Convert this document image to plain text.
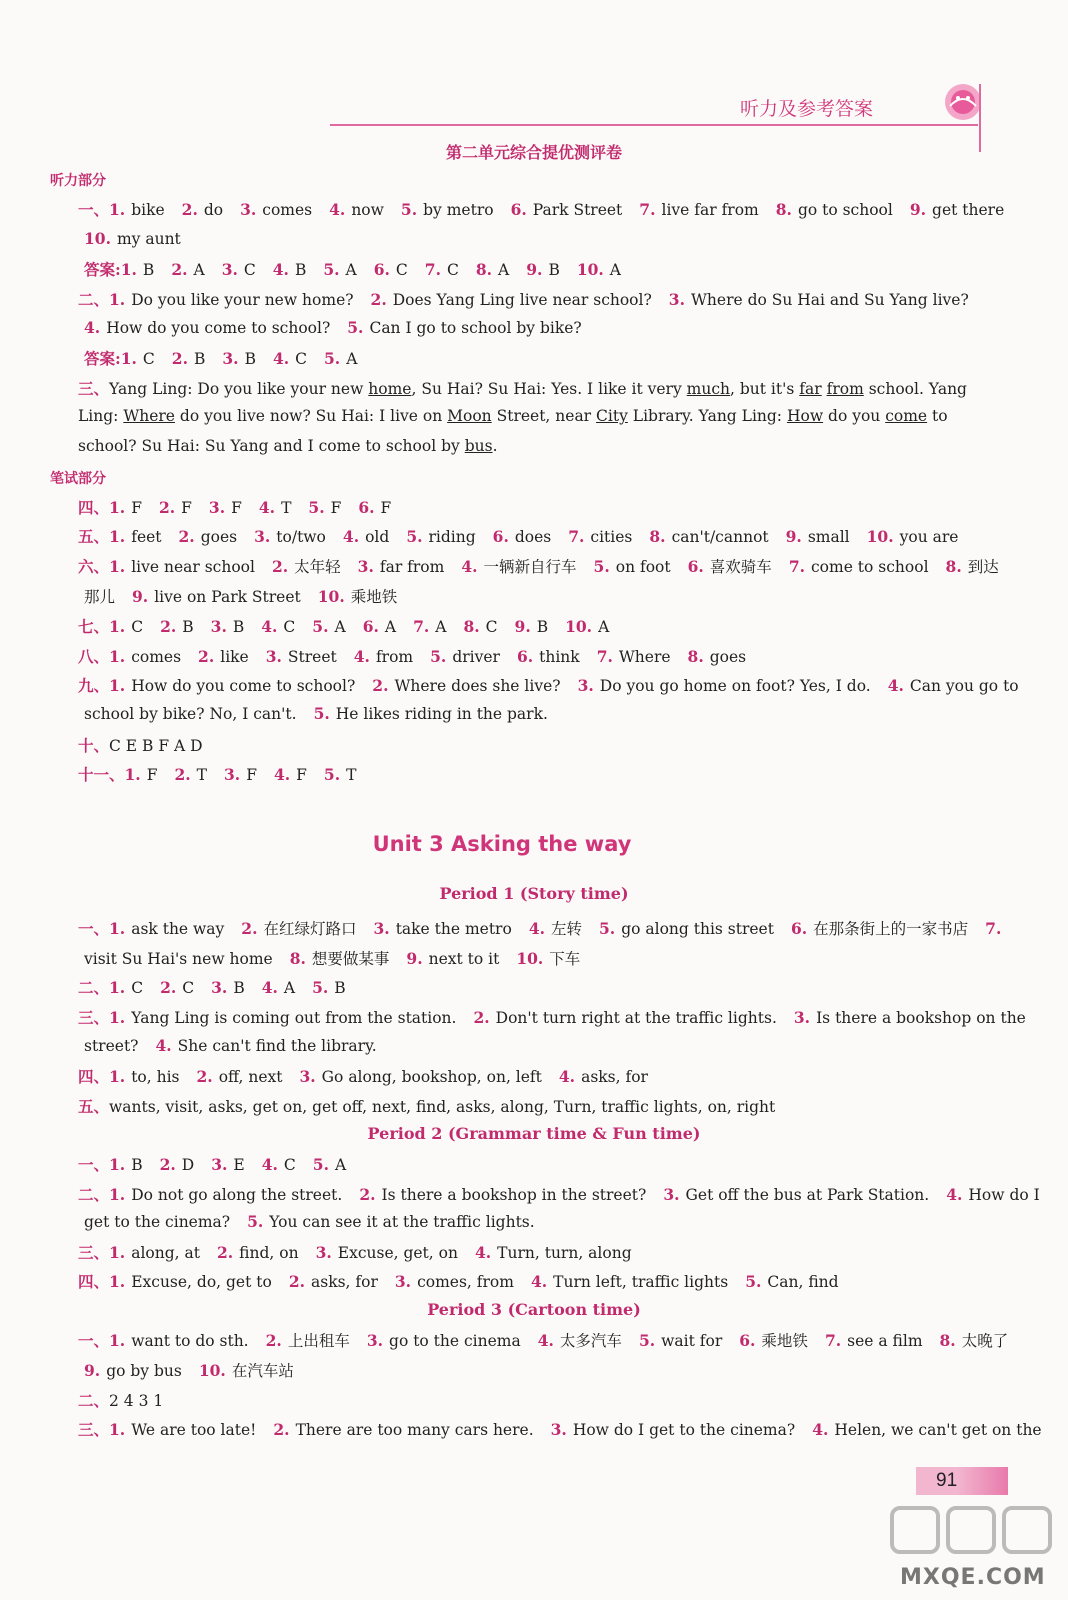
听力及参考答案
第二单元综合提优测评卷
听力部分
一、1. bike 2. do 3. comes 4. now 5. by metro 6. Park Street 7. live far from 8. go to school 9. get there
10. my aunt
答案:1. B 2. A 3. C 4. B 5. A 6. C 7. C 8. A 9. B 10. A
二、1. Do you like your new home? 2. Does Yang Ling live near school? 3. Where do Su Hai and Su Yang live?
4. How do you come to school? 5. Can I go to school by bike?
答案:1. C 2. B 3. B 4. C 5. A
三、Yang Ling: Do you like your new home, Su Hai? Su Hai: Yes. I like it very much, but it's far from school. Yang
Ling: Where do you live now? Su Hai: I live on Moon Street, near City Library. Yang Ling: How do you come to
school? Su Hai: Su Yang and I come to school by bus.
笔试部分
四、1. F 2. F 3. F 4. T 5. F 6. F
五、1. feet 2. goes 3. to/two 4. old 5. riding 6. does 7. cities 8. can't/cannot 9. small 10. you are
六、1. live near school 2. 太年轻 3. far from 4. 一辆新自行车 5. on foot 6. 喜欢骑车 7. come to school 8. 到达
那儿 9. live on Park Street 10. 乘地铁
七、1. C 2. B 3. B 4. C 5. A 6. A 7. A 8. C 9. B 10. A
八、1. comes 2. like 3. Street 4. from 5. driver 6. think 7. Where 8. goes
九、1. How do you come to school? 2. Where does she live? 3. Do you go home on foot? Yes, I do. 4. Can you go to
school by bike? No, I can't. 5. He likes riding in the park.
十、C E B F A D
十一、1. F 2. T 3. F 4. F 5. T
Unit 3 Asking the way
Period 1 (Story time)
一、1. ask the way 2. 在红绿灯路口 3. take the metro 4. 左转 5. go along this street 6. 在那条街上的一家书店 7.
visit Su Hai's new home 8. 想要做某事 9. next to it 10. 下车
二、1. C 2. C 3. B 4. A 5. B
三、1. Yang Ling is coming out from the station. 2. Don't turn right at the traffic lights. 3. Is there a bookshop on the
street? 4. She can't find the library.
四、1. to, his 2. off, next 3. Go along, bookshop, on, left 4. asks, for
五、wants, visit, asks, get on, get off, next, find, asks, along, Turn, traffic lights, on, right
Period 2 (Grammar time & Fun time)
一、1. B 2. D 3. E 4. C 5. A
二、1. Do not go along the street. 2. Is there a bookshop in the street? 3. Get off the bus at Park Station. 4. How do I
get to the cinema? 5. You can see it at the traffic lights.
三、1. along, at 2. find, on 3. Excuse, get, on 4. Turn, turn, along
四、1. Excuse, do, get to 2. asks, for 3. comes, from 4. Turn left, traffic lights 5. Can, find
Period 3 (Cartoon time)
一、1. want to do sth. 2. 上出租车 3. go to the cinema 4. 太多汽车 5. wait for 6. 乘地铁 7. see a film 8. 太晚了
9. go by bus 10. 在汽车站
二、2 4 3 1
三、1. We are too late! 2. There are too many cars here. 3. How do I get to the cinema? 4. Helen, we can't get on the
91
MXQE.COM
